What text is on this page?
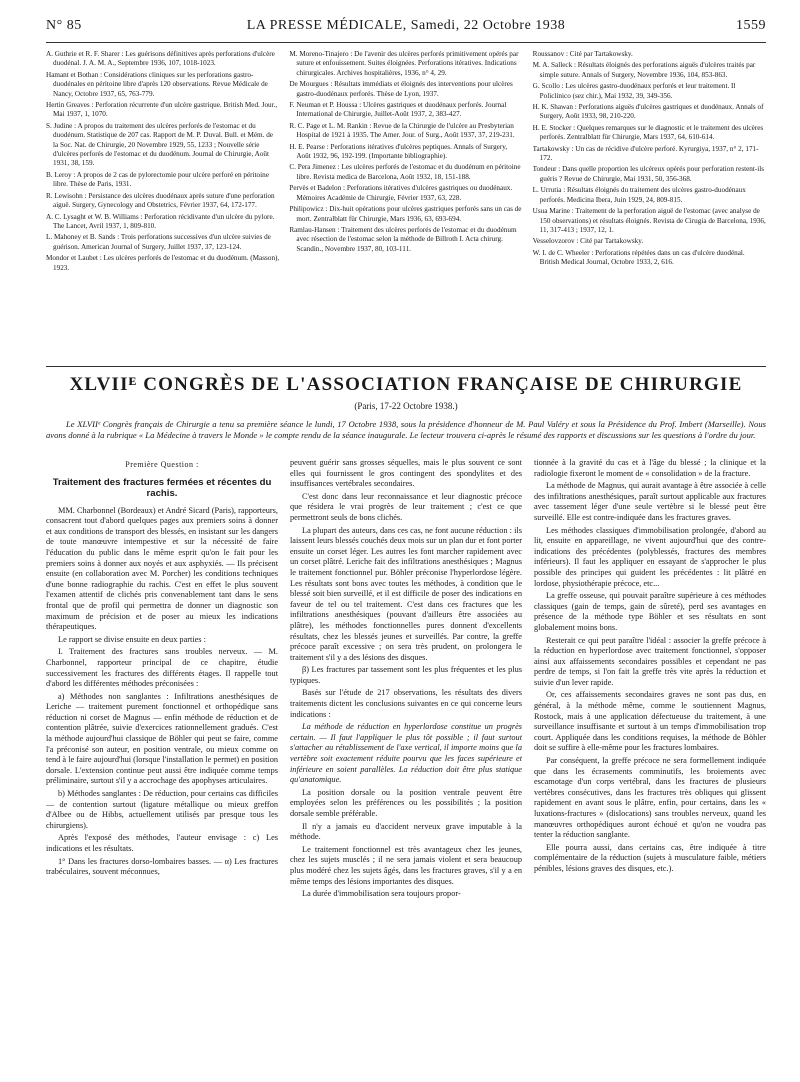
N° 85	LA PRESSE MÉDICALE, Samedi, 22 Octobre 1938	1559

A. Guthrie et R. F. Sharer : Les guérisons définitives après perforations d'ulcère duodénal. J. A. M. A., Septembre 1936, 107, 1018-1023.

Hamant et Bothan : Considérations cliniques sur les perforations gastro-duodénales en péritoine libre d'après 120 observations. Revue Médicale de Nancy, Octobre 1937, 65, 763-779.

Hertin Greaves : Perforation récurrente d'un ulcère gastrique. British Med. Jour., Mai 1937, 1, 1070.

S. Judine : A propos du traitement des ulcères perforés de l'estomac et du duodénum. Statistique de 207 cas. Rapport de M. P. Duval. Bull. et Mém. de la Soc. Nat. de Chirurgie, 20 Novembre 1929, 55, 1233 ; Nouvelle série d'ulcères perforés de l'estomac et du duodénum. Journal de Chirurgie, Août 1931, 38, 159.

B. Leroy : A propos de 2 cas de pylorectomie pour ulcère perforé en péritoine libre. Thèse de Paris, 1931.

R. Lewisohn : Persistance des ulcères duodénaux après suture d'une perforation aiguë. Surgery, Gynecology and Obstetrics, Février 1937, 64, 172-177.

A. C. Lysaght et W. B. Williams : Perforation récidivante d'un ulcère du pylore. The Lancet, Avril 1937, 1, 809-810.

L. Mahoney et B. Sands : Trois perforations successives d'un ulcère suivies de guérison. American Journal of Surgery, Juillet 1937, 37, 123-124.

Mondor et Laubet : Les ulcères perforés de l'estomac et du duodénum. (Masson), 1923.

M. Moreno-Tinajero : De l'avenir des ulcères perforés primitivement opérés par suture et enfouissement. Suites éloignées. Perforations itératives. Indications chirurgicales. Archives hospitalières, 1936, n° 4, 29.

De Mourgues : Résultats immédiats et éloignés des interventions pour ulcères gastro-duodénaux perforés. Thèse de Lyon, 1937.

F. Neuman et P. Houssa : Ulcères gastriques et duodénaux perforés. Journal International de Chirurgie, Juillet-Août 1937, 2, 383-427.

R. C. Page et L. M. Rankin : Revue de la Chirurgie de l'ulcère au Presbyterian Hospital de 1921 à 1935. The Amer. Jour. of Surg., Août 1937, 37, 219-231.

H. E. Pearse : Perforations itératives d'ulcères peptiques. Annals of Surgery, Août 1932, 96, 192-199. (Importante bibliographie).

C. Pera Jimenez : Les ulcères perforés de l'estomac et du duodénum en péritoine libre. Revista medica de Barcelona, Août 1932, 18, 151-188.

Pervès et Badelon : Perforations itératives d'ulcères gastriques ou duodénaux. Mémoires Académie de Chirurgie, Février 1937, 63, 228.

Philipowicz : Dix-huit opérations pour ulcères gastriques perforés sans un cas de mort. Zentralblatt für Chirurgie, Mars 1936, 63, 693-694.

Ramlau-Hansen : Traitement des ulcères perforés de l'estomac et du duodénum avec résection de l'estomac selon la méthode de Billroth I. Acta chirurg. Scandin., Novembre 1937, 80, 103-111.

Roussanov : Cité par Tartakowsky.

M. A. Salleck : Résultats éloignés des perforations aiguës d'ulcères traités par simple suture. Annals of Surgery, Novembre 1936, 104, 853-863.

G. Scollo : Les ulcères gastro-duodénaux perforés et leur traitement. Il Policlinico (sez chir.), Mai 1932, 39, 349-356.

H. K. Shawan : Perforations aiguës d'ulcères gastriques et duodénaux. Annals of Surgery, Août 1933, 98, 210-220.

H. E. Stocker : Quelques remarques sur le diagnostic et le traitement des ulcères perforés. Zentralblatt für Chirurgie, Mars 1937, 64, 610-614.

Tartakowsky : Un cas de récidive d'ulcère perforé. Kyrurgiya, 1937, n° 2, 171-172.

Tondeur : Dans quelle proportion les ulcéreux opérés pour perforation restent-ils guéris ? Revue de Chirurgie, Mai 1931, 50, 356-368.

L. Urrutia : Résultats éloignés du traitement des ulcères gastro-duodénaux perforés. Medicina Ibera, Juin 1929, 24, 809-815.

Usua Marine : Traitement de la perforation aiguë de l'estomac (avec analyse de 150 observations) et résultats éloignés. Revista de Cirugia de Barcelona, 1936, 11, 317-413 ; 1937, 12, 1.

Vesselovzorov : Cité par Tartakowsky.

W. I. de C. Wheeler : Perforations répétées dans un cas d'ulcère duodénal. British Medical Journal, Octobre 1933, 2, 616.

XLVIIᴱ CONGRÈS DE L'ASSOCIATION FRANÇAISE DE CHIRURGIE
(Paris, 17-22 Octobre 1938.)

Le XLVIIᵉ Congrès français de Chirurgie a tenu sa première séance le lundi, 17 Octobre 1938, sous la présidence d'honneur de M. Paul Valéry et sous la Présidence du Prof. Imbert (Marseille). Nous avons donné à la rubrique « La Médecine à travers le Monde » le compte rendu de la séance inaugurale. Le lecteur trouvera ci-après le résumé des rapports et discussions sur les questions à l'ordre du jour.

Première Question :
Traitement des fractures fermées et récentes du rachis.

MM. Charbonnel (Bordeaux) et André Sicard (Paris), rapporteurs, consacrent tout d'abord quelques pages aux premiers soins à donner et aux conditions de transport des blessés, en insistant sur les dangers de toute manœuvre intempestive et sur la nécessité de faire l'éducation du public dans le même esprit qu'on le fait pour les premiers soins à donner aux noyés et aux asphyxiés. — Ils précisent ensuite (en collaboration avec M. Porcher) les conditions techniques d'une bonne radiographie du rachis. C'est en effet le plus souvent l'examen attentif de clichés pris convenablement tant dans le sens frontal que de profil qui permettra de donner un diagnostic son maximum de précision et de poser au mieux les indications thérapeutiques.

Le rapport se divise ensuite en deux parties :

I. Traitement des fractures sans troubles nerveux. — M. Charbonnel, rapporteur principal de ce chapitre, étudie successivement les fractures des différents étages. Il rappelle tout d'abord les différentes méthodes préconisées :

a) Méthodes non sanglantes : Infiltrations anesthésiques de Leriche — traitement purement fonctionnel et orthopédique sans réduction ni corset de Magnus — enfin méthode de réduction et de contention plâtrée, suivie d'exercices rationnellement gradués. C'est la méthode aujourd'hui classique de Böhler qui peut se faire, comme l'a préconisé son auteur, en position ventrale, ou mieux comme on tend à le faire aujourd'hui (lorsque l'installation le permet) en position dorsale. L'extension continue peut aussi être indiquée comme temps préliminaire, surtout s'il y a accrochage des apophyses articulaires.

b) Méthodes sanglantes : De réduction, pour certains cas difficiles — de contention surtout (ligature métallique ou mieux greffon d'Albee ou de Hibbs, actuellement utilisés par presque tous les chirurgiens).

Après l'exposé des méthodes, l'auteur envisage : c) Les indications et les résultats.

1° Dans les fractures dorso-lombaires basses. — α) Les fractures trabéculaires, souvent méconnues,

peuvent guérir sans grosses séquelles, mais le plus souvent ce sont elles qui fournissent le gros contingent des spondylites et des insuffisances vertébrales secondaires.

C'est donc dans leur reconnaissance et leur diagnostic précoce que résidera le vrai progrès de leur traitement ; c'est ce que permettront seuls de bons clichés.

La plupart des auteurs, dans ces cas, ne font aucune réduction : ils laissent leurs blessés couchés deux mois sur un plan dur et font porter ensuite un corset léger. Les autres les font marcher rapidement avec un corset plâtré. Leriche fait des infiltrations anesthésiques ; Magnus le traitement fonctionnel pur. Böhler préconise l'hyperlordose légère. Les résultats sont bons avec toutes les méthodes, à condition que le blessé soit bien surveillé, et il est difficile de poser des indications en faveur de tel ou tel traitement. C'est dans ces fractures que les infiltrations anesthésiques (pouvant d'ailleurs être associées au plâtre), les méthodes fonctionnelles pures donnent d'excellents résultats, chez les blessés jeunes et surveillés. Par contre, la greffe précoce paraît excessive ; on sera très prudent, on prolongera le traitement s'il y a des lésions des disques.

β) Les fractures par tassement sont les plus fréquentes et les plus typiques.

Basés sur l'étude de 217 observations, les résultats des divers traitements dictent les conclusions suivantes en ce qui concerne leurs indications :

La méthode de réduction en hyperlordose constitue un progrès certain. — Il faut l'appliquer le plus tôt possible ; il faut surtout s'attacher au rétablissement de l'axe vertical, il importe moins que la vertèbre soit exactement réduite pourvu que les faces supérieure et inférieure en soient parallèles. La réduction doit être plus statique qu'anatomique.

La position dorsale ou la position ventrale peuvent être employées selon les préférences ou les possibilités ; la position dorsale semble préférable.

Il n'y a jamais eu d'accident nerveux grave imputable à la méthode.

Le traitement fonctionnel est très avantageux chez les jeunes, chez les sujets musclés ; il ne sera jamais violent et sera beaucoup plus modéré chez les sujets âgés, dans les fractures graves, s'il y a en même temps des lésions importantes des disques.

La durée d'immobilisation sera toujours propor-

tionnée à la gravité du cas et à l'âge du blessé ; la clinique et la radiologie fixeront le moment de « consolidation » de la fracture.

La méthode de Magnus, qui aurait avantage à être associée à celle des infiltrations anesthésiques, paraît surtout applicable aux fractures avec tassement léger d'une seule vertèbre si le blessé peut être surveillé. Elle est contre-indiquée dans les fractures graves.

Les méthodes classiques d'immobilisation prolongée, d'abord au lit, ensuite en appareillage, ne vivent aujourd'hui que des contre-indications des précédentes (polyblessés, fractures des membres inférieurs). Il faut les appliquer en essayant de s'approcher le plus possible des principes qui guident les précédentes : lit plâtré en lordose, physiothérapie précoce, etc...

La greffe osseuse, qui pouvait paraître supérieure à ces méthodes classiques (gain de temps, gain de sûreté), perd ses avantages en présence de la méthode type Böhler et ses résultats en sont globalement moins bons.

Resterait ce qui peut paraître l'idéal : associer la greffe précoce à la réduction en hyperlordose avec traitement fonctionnel, s'opposer ainsi aux affaissements secondaires possibles et cependant ne pas perdre de temps, si l'on fait la greffe très vite après la réduction et suivie d'un lever rapide.

Or, ces affaissements secondaires graves ne sont pas dus, en général, à la méthode même, comme le soutiennent Magnus, Rostock, mais à une application défectueuse du traitement, à une surveillance insuffisante et surtout à un temps d'immobilisation trop court. Appliquée dans les conditions requises, la méthode de Böhler doit se suffire à elle-même pour les fractures lombaires.

Par conséquent, la greffe précoce ne sera formellement indiquée que dans les écrasements comminutifs, les broiements avec escamotage d'un corps vertébral, dans les fractures de plusieurs vertèbres consécutives, dans les fractures très obliques qui glissent rapidement en avant sous le plâtre, enfin, pour certains, dans les « luxations-fractures » (dislocations) sans troubles nerveux, quand les manœuvres orthopédiques auront échoué et qu'on ne voudra pas tenter la réduction sanglante.

Elle pourra aussi, dans certains cas, être indiquée à titre complémentaire de la réduction (sujets à musculature faible, métiers pénibles, lésions graves des disques, etc.).
